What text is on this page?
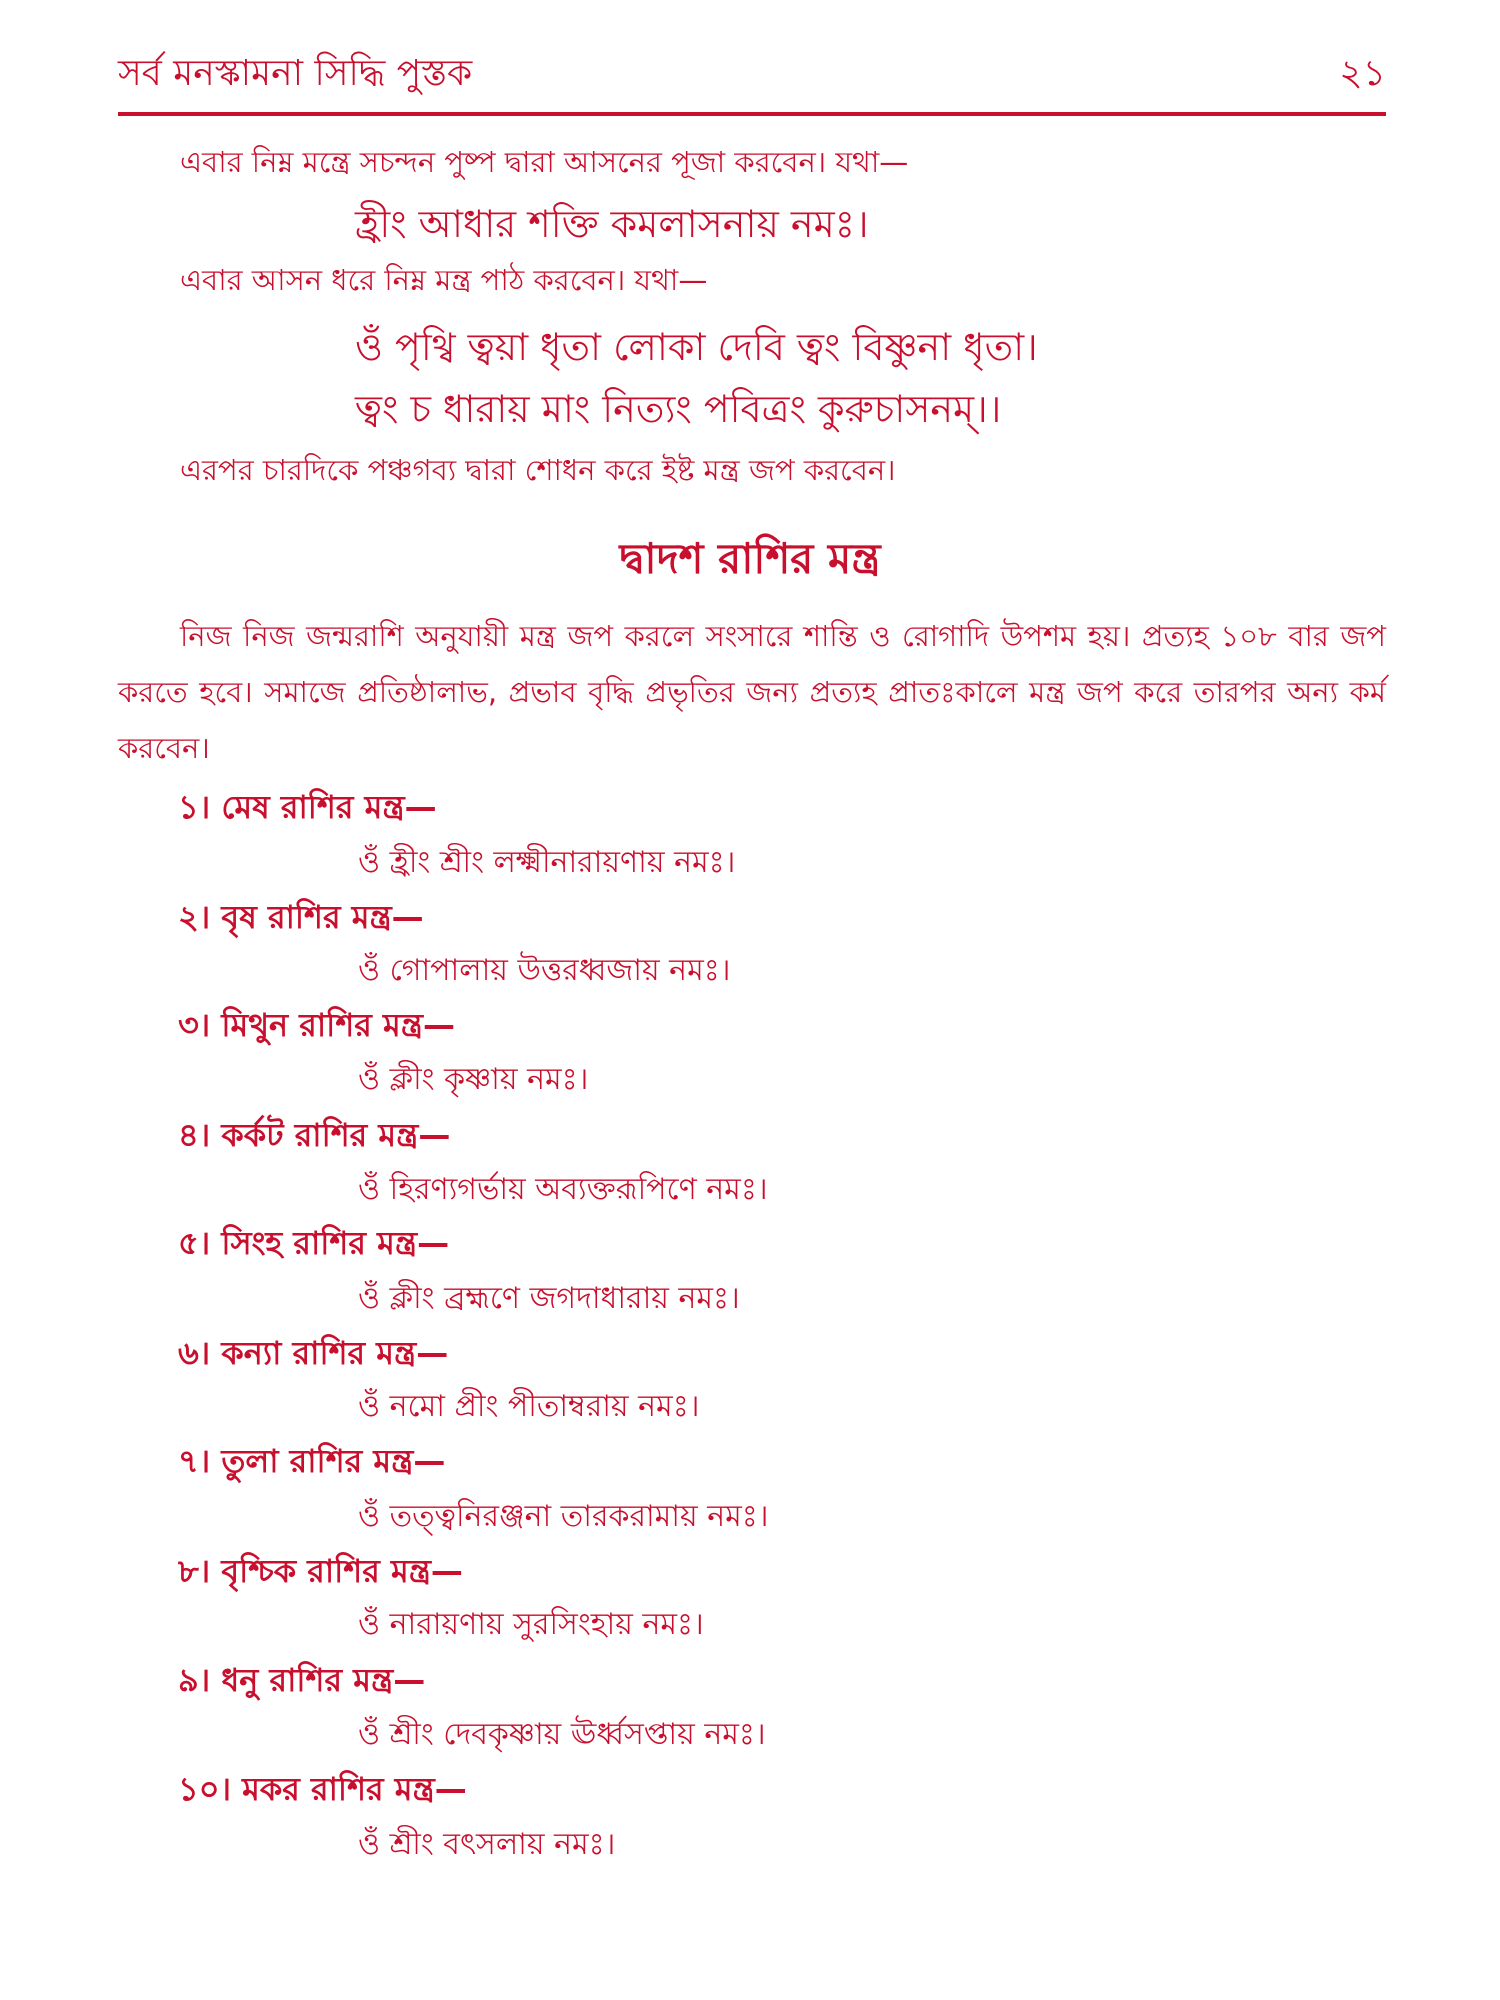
সর্ব মনস্কামনা সিদ্ধি পুস্তক	২১
এবার নিম্ন মন্ত্রে সচন্দন পুষ্প দ্বারা আসনের পূজা করবেন। যথা—
হ্রীং আধার শক্তি কমলাসনায় নমঃ।
এবার আসন ধরে নিম্ন মন্ত্র পাঠ করবেন। যথা—
ওঁ পৃথ্বি ত্বয়া ধৃতা লোকা দেবি ত্বং বিষ্ণুনা ধৃতা।
ত্বং চ ধারায় মাং নিত্যং পবিত্রং কুরুচাসনম্।।
এরপর চারদিকে পঞ্চগব্য দ্বারা শোধন করে ইষ্ট মন্ত্র জপ করবেন।
দ্বাদশ রাশির মন্ত্র
নিজ নিজ জন্মরাশি অনুযায়ী মন্ত্র জপ করলে সংসারে শান্তি ও রোগাদি উপশম হয়। প্রত্যহ ১০৮ বার জপ করতে হবে। সমাজে প্রতিষ্ঠালাভ, প্রভাব বৃদ্ধি প্রভৃতির জন্য প্রত্যহ প্রাতঃকালে মন্ত্র জপ করে তারপর অন্য কর্ম করবেন।
১। মেষ রাশির মন্ত্র—
ওঁ হ্রীং শ্রীং লক্ষ্মীনারায়ণায় নমঃ।
২। বৃষ রাশির মন্ত্র—
ওঁ গোপালায় উত্তরধ্বজায় নমঃ।
৩। মিথুন রাশির মন্ত্র—
ওঁ ক্লীং কৃষ্ণায় নমঃ।
৪। কর্কট রাশির মন্ত্র—
ওঁ হিরণ্যগর্ভায় অব্যক্তরূপিণে নমঃ।
৫। সিংহ রাশির মন্ত্র—
ওঁ ক্লীং ব্রহ্মণে জগদাধারায় নমঃ।
৬। কন্যা রাশির মন্ত্র—
ওঁ নমো প্রীং পীতাম্বরায় নমঃ।
৭। তুলা রাশির মন্ত্র—
ওঁ তত্ত্বনিরঞ্জনা তারকরামায় নমঃ।
৮। বৃশ্চিক রাশির মন্ত্র—
ওঁ নারায়ণায় সুরসিংহায় নমঃ।
৯। ধনু রাশির মন্ত্র—
ওঁ শ্রীং দেবকৃষ্ণায় ঊর্ধ্বসপ্তায় নমঃ।
১০। মকর রাশির মন্ত্র—
ওঁ শ্রীং বৎসলায় নমঃ।
